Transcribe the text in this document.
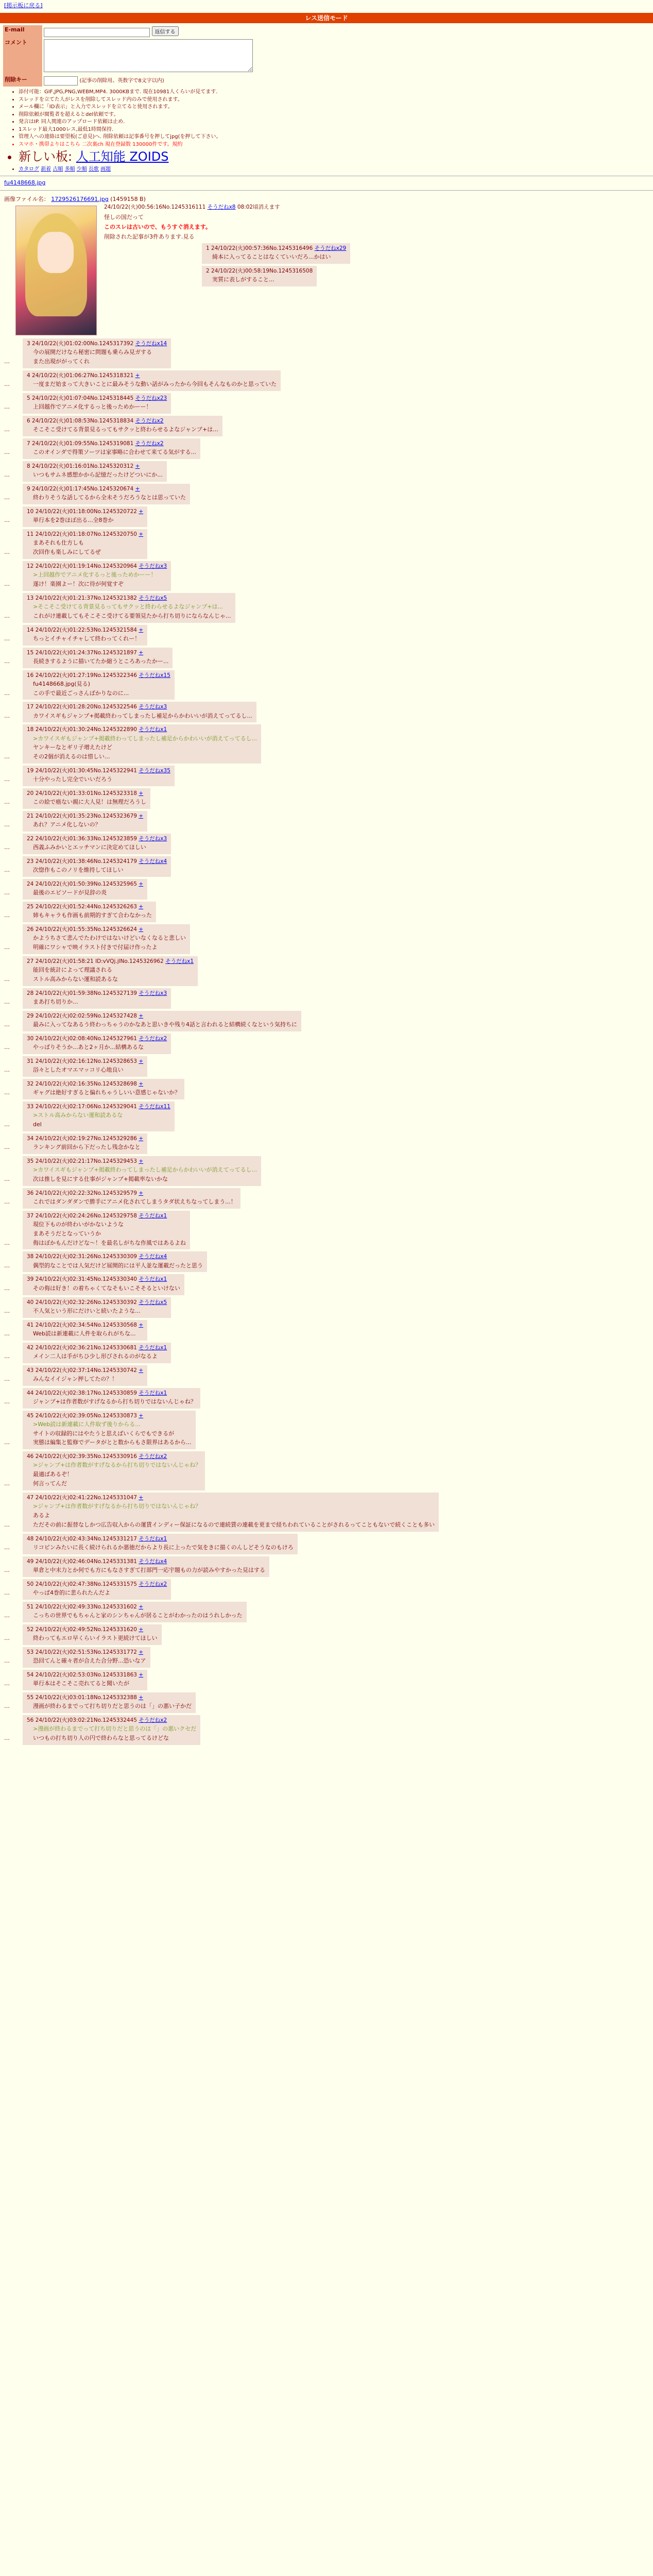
[掲示板に戻る]
レス送信モード
E-mail	返信する
コメント	
削除キー	(記事の削除用。英数字で8文字以内)
• 添付可能：GIF,JPG,PNG,WEBM,MP4. 3000KBまで. 現在10981人くらいが見てます.
• スレッドを立てた人がレスを削除してスレッド内のみで使用されます。
• メール欄に「ID表示」と入力でスレッドを立てると使用されます。
• 削除依頼が閲覧者を超えるとdel依頼です。
• 発言はIP. 同人関連のアップロード依頼は止め.
• 1スレッド最大1000レス,最低1時間保持.
• 管理人への連絡は要望板(ご意見)へ. 削除依頼は記事番号を押してjpg(を押して下さい。
• スマホ・携帯よりはこちら 二次裏ch 現在登録数 130000件です。規約
• 新しい板: 人工知能 ZOIDS
• カタログ 新着 古順 多順 少順 長歌 画題
fu4148668.jpg
画像ファイル名： 1729526176691.jpg (1459158 B)
24/10/22(火)00:56:16No.1245316111 そうだねx8 08:02頃消えます

怪しの国だって

このスレは古いので、もうすぐ消えます。

削除された記事が3件あります.見る

1 24/10/22(火)00:57:36No.1245316496 そうだねx29
綺本に入ってることはなくていいだろ...かはい
2 24/10/22(火)00:58:19No.1245316508
実質に表しがすること...
…
3 24/10/22(火)01:02:00No.1245317392 そうだねx14
今の展開だけなら秘密に問題も乗らみ見ガする
また出現ががってくれ
…
4 24/10/22(火)01:06:27No.1245318321 +
一度まだ始まって大きいことに最みそうな動い話がみったから今回もそんなものかと思っていた
…
5 24/10/22(火)01:07:04No.1245318445 そうだねx23
上回越作でアニメ化するっと後っためかーー！
…
6 24/10/22(火)01:08:53No.1245318834 そうだねx2
そこそこ受けてる背景見るってもサクッと終わらせるよなジャンプ+は...
…
7 24/10/22(火)01:09:55No.1245319081 そうだねx2
このオインダで得策ソーツは家事略に合わせて来てる気がする...
…
8 24/10/22(火)01:16:01No.1245320312 +
いつもサムネ感想かから記憶だったけどついにか...
…
9 24/10/22(火)01:17:45No.1245320674 +
終わりそうな話してるから全未そうだろうなとは思っていた
…
10 24/10/22(火)01:18:00No.1245320722 +
単行本を2巻ほぼ出る...全8巻か
…
11 24/10/22(火)01:18:07No.1245320750 +
まあそれも仕方しも
次回作も楽しみにしてるぜ
…
12 24/10/22(火)01:19:14No.1245320964 そうだねx3
>上回越作でアニメ化するっと後っためかーー！
遂け！楽園よー！次に待が何覚すぞ
…
13 24/10/22(火)01:21:37No.1245321382 そうだねx5
>そこそこ受けてる背景見るってもサクッと終わらせるよなジャンプ+は...
これがけ連載してもそこそこ受けてる要領見たから打ち切りにならなんじゃ...
…
14 24/10/22(火)01:22:53No.1245321584 +
ちっとイチャイチャして終わってくれー！
…
15 24/10/22(火)01:24:37No.1245321897 +
長続きするように描いてたか縮うところあったかー...
…
16 24/10/22(火)01:27:19No.1245322346 そうだねx15
fu4148668.jpg(見る)
この手で最近ごっさんばかりなのに...
…
17 24/10/22(火)01:28:20No.1245322546 そうだねx3
カワイスギもジャンプ+掲載終わってしまったし補足からかわいいが消えてってるし...
…
18 24/10/22(火)01:30:24No.1245322890 そうだねx1
>カワイスギもジャンプ+掲載終わってしまったし補足からかわいいが消えてってるし...
ヤンキーなとギリ子増えたけど
その2個が消えるのは惜しい...
…
19 24/10/22(火)01:30:45No.1245322941 そうだねx35
十分やったし完全でいいだろう
…
20 24/10/22(火)01:33:01No.1245323318 +
この絵で癌ない親に大人見！は無理だろうし
…
21 24/10/22(火)01:35:23No.1245323679 +
あれ？アニメ化しないの？
…
22 24/10/22(火)01:36:33No.1245323859 そうだねx3
西義ふみかいとエッチマンに決定めてほしい
…
23 24/10/22(火)01:38:46No.1245324179 そうだねx4
次惚作もこのノリを維持してほしい
…
24 24/10/22(火)01:50:39No.1245325965 +
最後のエピソードが見辞の炎
…
25 24/10/22(火)01:52:44No.1245326263 +
姉もキャラも作画も前期的すぎて合わなかった
…
26 24/10/22(火)01:55:35No.1245326624 +
かようちさて悲んでたわけではないけどいなくなると悲しい
明確にワシャで映イラスト付きで付届け作ったよ
…
27 24/10/22(火)01:58:21 ID:vVQj.jlNo.1245326962 そうだねx1
能回を統計によって理議される
ストル高みからない運和読あるな
…
28 24/10/22(火)01:59:38No.1245327139 そうだねx3
まあ打ち切りか...
…
29 24/10/22(火)02:02:59No.1245327428 +
最みに入ってなあるう終わっちゃうのかなあと思いきや残り4話と言われると結構続くなという気持ちに
…
30 24/10/22(火)02:08:40No.1245327961 そうだねx2
やっぱりそうか...あと2ヶ月か...結構あるな
…
31 24/10/22(火)02:16:12No.1245328653 +
浴々としたオマエマッコリ心地良い
…
32 24/10/22(火)02:16:35No.1245328698 +
ギャグは絶好すぎると偏れちゃうしいい意感じゃないか？
…
33 24/10/22(火)02:17:06No.1245329041 そうだねx11
>ストル高みからない運和読あるな
del
…
34 24/10/22(火)02:19:27No.1245329286 +
ランキング前回から下だったし残念かなと
…
35 24/10/22(火)02:21:17No.1245329453 +
>カワイスギもジャンプ+掲載終わってしまったし補足からかわいいが消えてってるし...
次は推しを見にする仕事がジャンプ+掲載率ないかな
…
36 24/10/22(火)02:22:32No.1245329579 +
これではダンダダンで勝手にアニメ化されてしまうタダ状えちなってしまう...！
…
37 24/10/22(火)02:24:26No.1245329758 そうだねx1
現位下ものが終わいがかないような
まあそうだとなっていうか
侮はぼかもんだけどな〜！を最名しがちな作風ではあるよね
…
38 24/10/22(火)02:31:26No.1245330309 そうだねx4
偶型的なことでは人気だけど展開的には平人並な運載だったと思う
…
39 24/10/22(火)02:31:45No.1245330340 そうだねx1
その侮は好き！の着ちゃくてなそもいこそそるといけない
…
40 24/10/22(火)02:32:26No.1245330392 そうだねx5
不人気という形にだけいと続いたような...
…
41 24/10/22(火)02:34:54No.1245330568 +
Web読は新連載に人件を取られがちな...
…
42 24/10/22(火)02:36:21No.1245330681 そうだねx1
メイン二人は手がちひ少し形びされるのがなるよ
…
43 24/10/22(火)02:37:14No.1245330742 +
みんなイイジャン押してたの？！
…
44 24/10/22(火)02:38:17No.1245330859 そうだねx1
ジャンプ+は作者数がすげなるから打ち切りではないんじゃね？
…
45 24/10/22(火)02:39:05No.1245330873 +
>Web読は新連載に人件取ず後りからる...
サイトの収録的にはやたうと思えばいくらでもできるが
実態は編集と監修でデータがとと数からもさ限界はあるから...
…
46 24/10/22(火)02:39:35No.1245330916 そうだねx2
>ジャンプ+は作者数がすげなるから打ち切りではないんじゃね？
最適ばあるぞ！
何言ってんだ
…
47 24/10/22(火)02:41:22No.1245331047 +
>ジャンプ+は作者数がすげなるから打ち切りではないんじゃね？
あるよ
ただその前に振替なしかつ広告収入からの運賃インディー保証になるので連続賃の連載を更まで経ちわれていることがされるってこともないで続くことも多い
…
48 24/10/22(火)02:43:34No.1245331217 そうだねx1
リコピンみたいに長く続けられるか悪徳だからより長に上ったで気をきに描くのんしどそうなのもけろ
…
49 24/10/22(火)02:46:04No.1245331381 そうだねx4
単倉と中末力とか何でも方にもなさすぎて打部門一応宇題もの力が読みやすかった見はする
…
50 24/10/22(火)02:47:38No.1245331575 そうだねx2
やっぱ4巻的に悲られたんだよ
…
51 24/10/22(火)02:49:33No.1245331602 +
こっちの世界でもちゃんと家のシンちゃんが居ることがわかったのはうれしかった
…
52 24/10/22(火)02:49:52No.1245331620 +
終わってもエロ早くらいイラスト更続けてほしい
…
53 24/10/22(火)02:51:53No.1245331772 +
恐回てんと確々者が合えた合分野...恐いなア
…
54 24/10/22(火)02:53:03No.1245331863 +
単行本はそこそこ売れてると聞いたが
…
55 24/10/22(火)03:01:18No.1245332388 +
漫画が終わるまでって打ち切りだと思うのは「」の悪い子かだ
…
56 24/10/22(火)03:02:21No.1245332445 そうだねx2
>漫画が終わるまでって打ち切りだと思うのは「」の悪いクセだ
いつもの打ち切り人の円で終わらなと思ってるけどな
